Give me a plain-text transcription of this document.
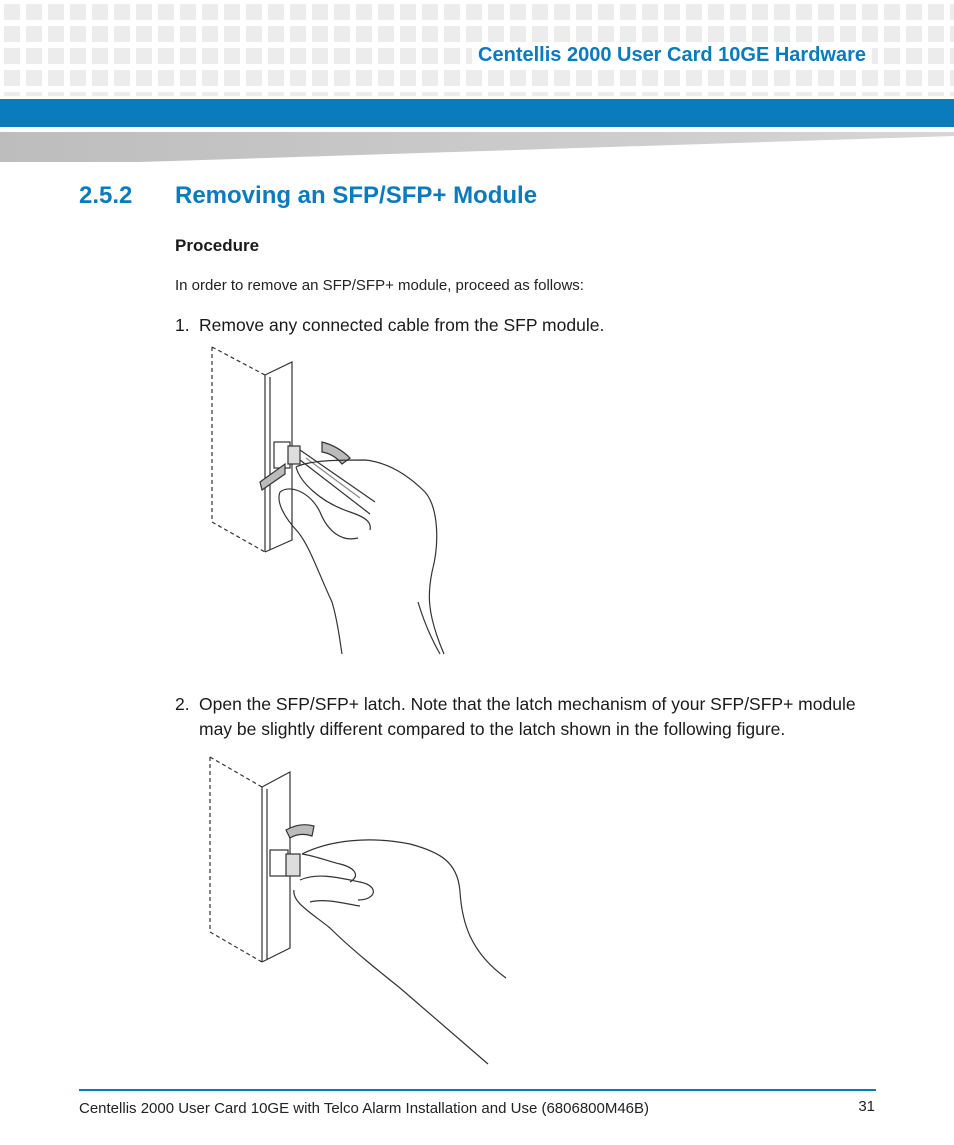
Centellis 2000 User Card 10GE Hardware
2.5.2 Removing an SFP/SFP+ Module
Procedure
In order to remove an SFP/SFP+ module, proceed as follows:
1. Remove any connected cable from the SFP module.
2. Open the SFP/SFP+ latch. Note that the latch mechanism of your SFP/SFP+ module may be slightly different compared to the latch shown in the following figure.
Centellis 2000 User Card 10GE with Telco Alarm Installation and Use (6806800M46B)	31
